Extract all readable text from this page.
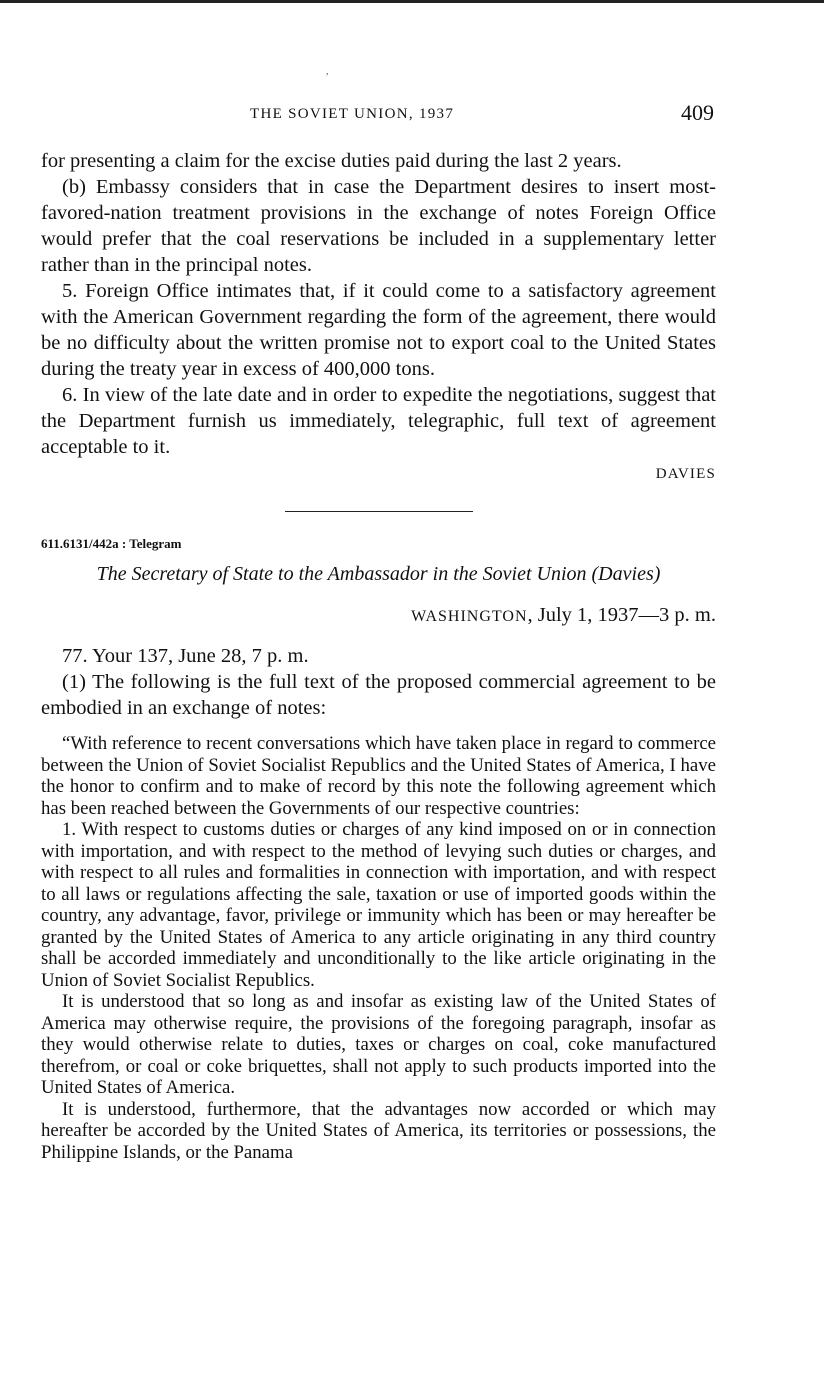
,
THE SOVIET UNION, 1937	409

for presenting a claim for the excise duties paid during the last 2 years.

(b) Embassy considers that in case the Department desires to insert most-favored-nation treatment provisions in the exchange of notes Foreign Office would prefer that the coal reservations be included in a supplementary letter rather than in the principal notes.

5. Foreign Office intimates that, if it could come to a satisfactory agreement with the American Government regarding the form of the agreement, there would be no difficulty about the written promise not to export coal to the United States during the treaty year in excess of 400,000 tons.

6. In view of the late date and in order to expedite the negotiations, suggest that the Department furnish us immediately, telegraphic, full text of agreement acceptable to it.

DAVIES

611.6131/442a : Telegram

The Secretary of State to the Ambassador in the Soviet Union (Davies)

WASHINGTON, July 1, 1937—3 p. m.

77. Your 137, June 28, 7 p. m.

(1) The following is the full text of the proposed commercial agreement to be embodied in an exchange of notes:

“With reference to recent conversations which have taken place in regard to commerce between the Union of Soviet Socialist Republics and the United States of America, I have the honor to confirm and to make of record by this note the following agreement which has been reached between the Governments of our respective countries:

1. With respect to customs duties or charges of any kind imposed on or in connection with importation, and with respect to the method of levying such duties or charges, and with respect to all rules and formalities in connection with importation, and with respect to all laws or regulations affecting the sale, taxation or use of imported goods within the country, any advantage, favor, privilege or immunity which has been or may hereafter be granted by the United States of America to any article originating in any third country shall be accorded immediately and unconditionally to the like article originating in the Union of Soviet Socialist Republics.

It is understood that so long as and insofar as existing law of the United States of America may otherwise require, the provisions of the foregoing paragraph, insofar as they would otherwise relate to duties, taxes or charges on coal, coke manufactured therefrom, or coal or coke briquettes, shall not apply to such products imported into the United States of America.

It is understood, furthermore, that the advantages now accorded or which may hereafter be accorded by the United States of America, its territories or possessions, the Philippine Islands, or the Panama
